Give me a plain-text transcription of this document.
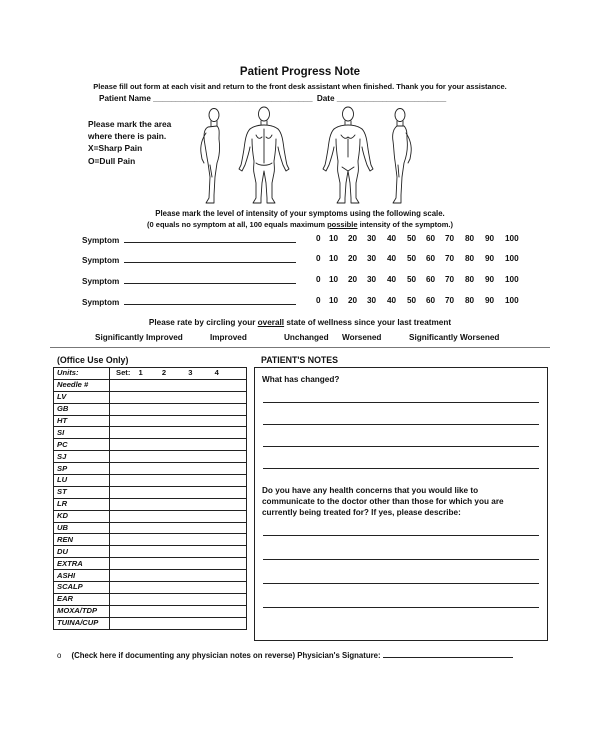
Patient Progress Note
Please fill out form at each visit and return to the front desk assistant when finished. Thank you for your assistance.
Patient Name ___________________________________ Date ________________________
Please mark the area
where there is pain.
X=Sharp Pain
O=Dull Pain
Please mark the level of intensity of your symptoms using the following scale.
(0 equals no symptom at all, 100 equals maximum possible intensity of the symptom.)
Symptom	0 10 20 30 40 50 60 70 80 90 100
Symptom	0 10 20 30 40 50 60 70 80 90 100
Symptom	0 10 20 30 40 50 60 70 80 90 100
Symptom	0 10 20 30 40 50 60 70 80 90 100
Please rate by circling your overall state of wellness since your last treatment
Significantly Improved	Improved	Unchanged Worsened	Significantly Worsened
(Office Use Only)
Units:	Set: 1 2 3 4
Needle #	
LV	
GB	
HT	
SI	
PC	
SJ	
SP	
LU	
ST	
LR	
KD	
UB	
REN	
DU	
EXTRA	
ASHI	
SCALP	
EAR	
MOXA/TDP	
TUINA/CUP	
PATIENT'S NOTES
What has changed?
Do you have any health concerns that you would like to
communicate to the doctor other than those for which you are
currently being treated for? If yes, please describe:
o (Check here if documenting any physician notes on reverse) Physician's Signature:
